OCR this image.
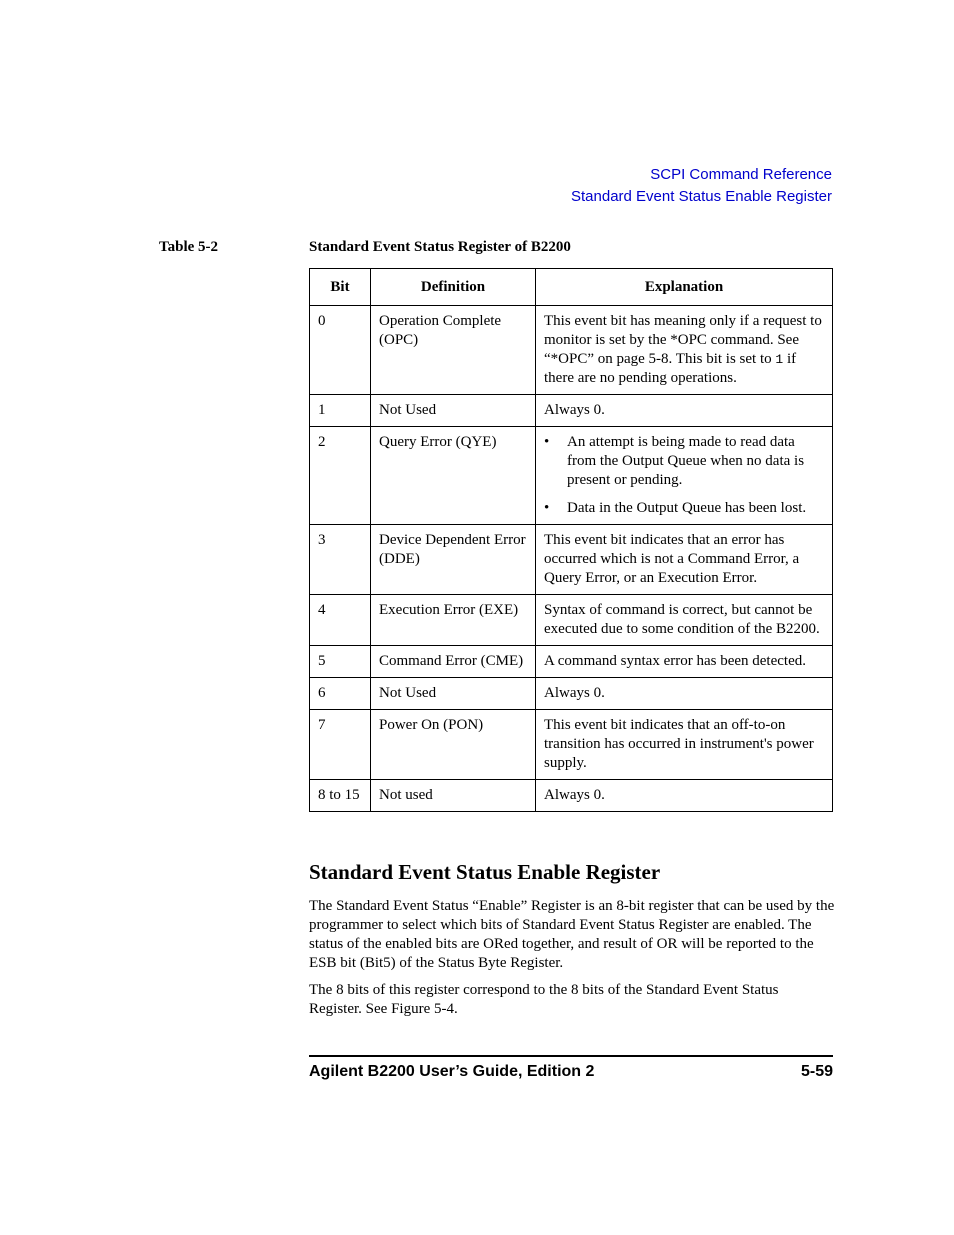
SCPI Command Reference
Standard Event Status Enable Register
Table 5-2	Standard Event Status Register of B2200
Bit	Definition	Explanation
0	Operation Complete (OPC)	This event bit has meaning only if a request to monitor is set by the *OPC command. See “*OPC” on page 5-8. This bit is set to 1 if there are no pending operations.
1	Not Used	Always 0.
2	Query Error (QYE)	• An attempt is being made to read data from the Output Queue when no data is present or pending.
• Data in the Output Queue has been lost.

3	Device Dependent Error (DDE)	This event bit indicates that an error has occurred which is not a Command Error, a Query Error, or an Execution Error.
4	Execution Error (EXE)	Syntax of command is correct, but cannot be executed due to some condition of the B2200.
5	Command Error (CME)	A command syntax error has been detected.
6	Not Used	Always 0.
7	Power On (PON)	This event bit indicates that an off-to-on transition has occurred in instrument's power supply.
8 to 15	Not used	Always 0.
Standard Event Status Enable Register

The Standard Event Status “Enable” Register is an 8-bit register that can be used by the programmer to select which bits of Standard Event Status Register are enabled. The status of the enabled bits are ORed together, and result of OR will be reported to the ESB bit (Bit5) of the Status Byte Register.

The 8 bits of this register correspond to the 8 bits of the Standard Event Status Register. See Figure 5-4.

Agilent B2200 User’s Guide, Edition 2	5-59
